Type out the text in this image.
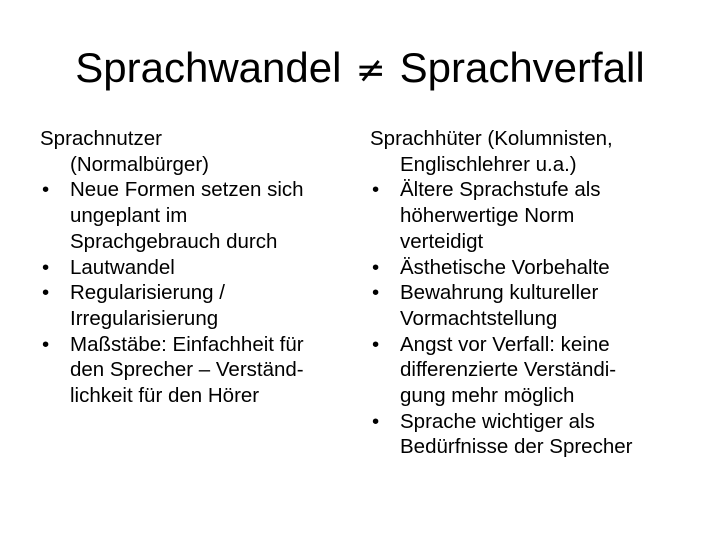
Sprachwandel ≠ Sprachverfall
Sprachnutzer
(Normalbürger)
•	Neue Formen setzen sich
ungeplant im
Sprachgebrauch durch
•	Lautwandel
•	Regularisierung /
Irregularisierung
•	Maßstäbe: Einfachheit für
den Sprecher – Verständ-
lichkeit für den Hörer
Sprachhüter (Kolumnisten,
Englischlehrer u.a.)
•	Ältere Sprachstufe als
höherwertige Norm
verteidigt
•	Ästhetische Vorbehalte
•	Bewahrung kultureller
Vormachtstellung
•	Angst vor Verfall: keine
differenzierte Verständi-
gung mehr möglich
•	Sprache wichtiger als
Bedürfnisse der Sprecher
